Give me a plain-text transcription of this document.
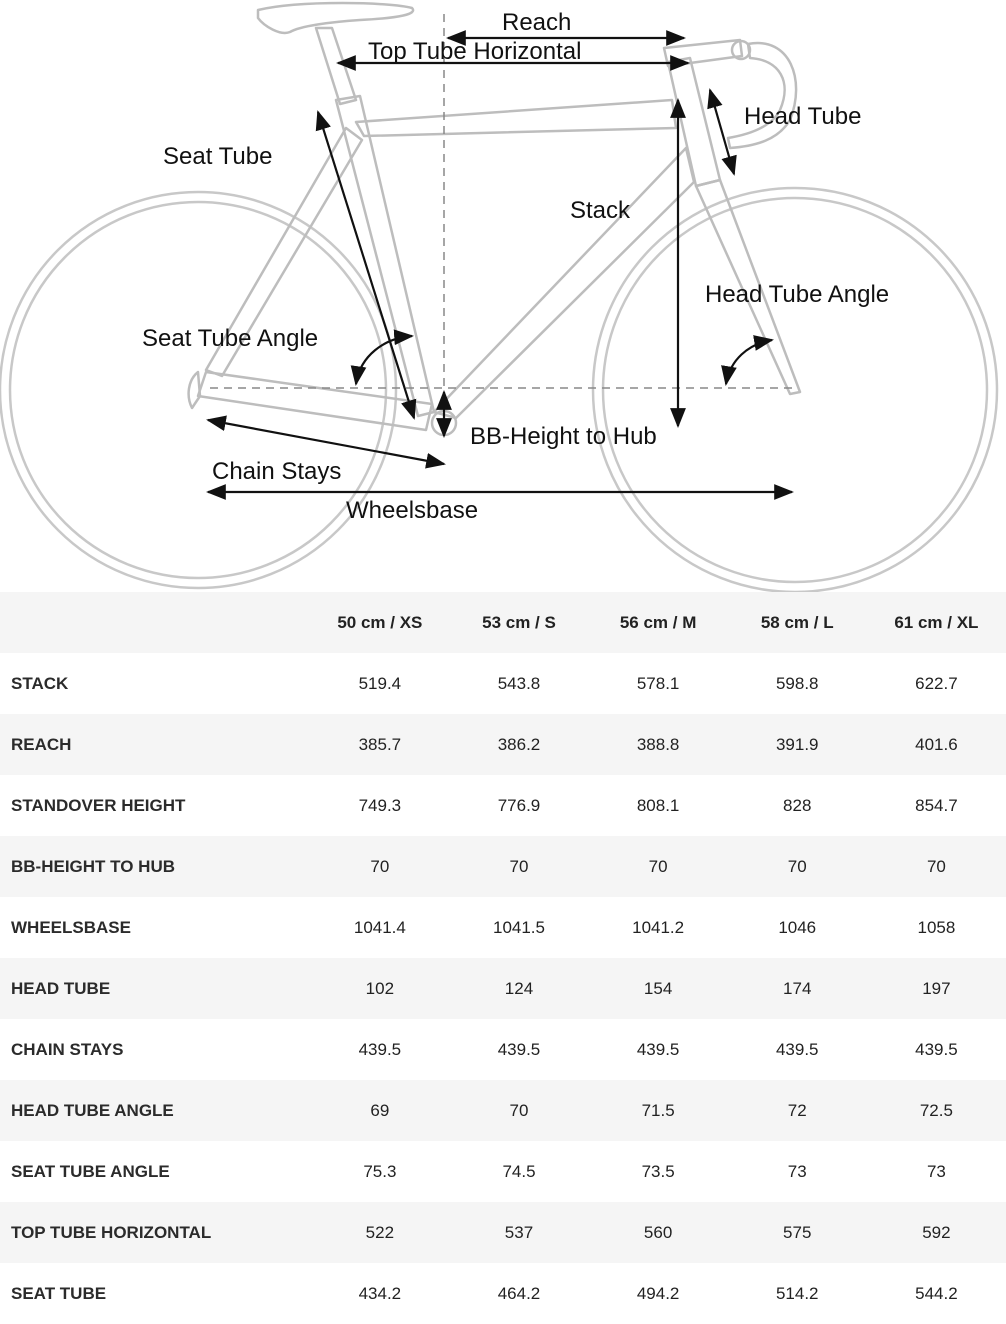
Reach
Top Tube Horizontal
Head Tube
Seat Tube
Stack
Head Tube Angle
Seat Tube Angle
BB-Height to Hub
Chain Stays
Wheelsbase
	50 cm / XS	53 cm / S	56 cm / M	58 cm / L	61 cm / XL
STACK	519.4	543.8	578.1	598.8	622.7
REACH	385.7	386.2	388.8	391.9	401.6
STANDOVER HEIGHT	749.3	776.9	808.1	828	854.7
BB-HEIGHT TO HUB	70	70	70	70	70
WHEELSBASE	1041.4	1041.5	1041.2	1046	1058
HEAD TUBE	102	124	154	174	197
CHAIN STAYS	439.5	439.5	439.5	439.5	439.5
HEAD TUBE ANGLE	69	70	71.5	72	72.5
SEAT TUBE ANGLE	75.3	74.5	73.5	73	73
TOP TUBE HORIZONTAL	522	537	560	575	592
SEAT TUBE	434.2	464.2	494.2	514.2	544.2
